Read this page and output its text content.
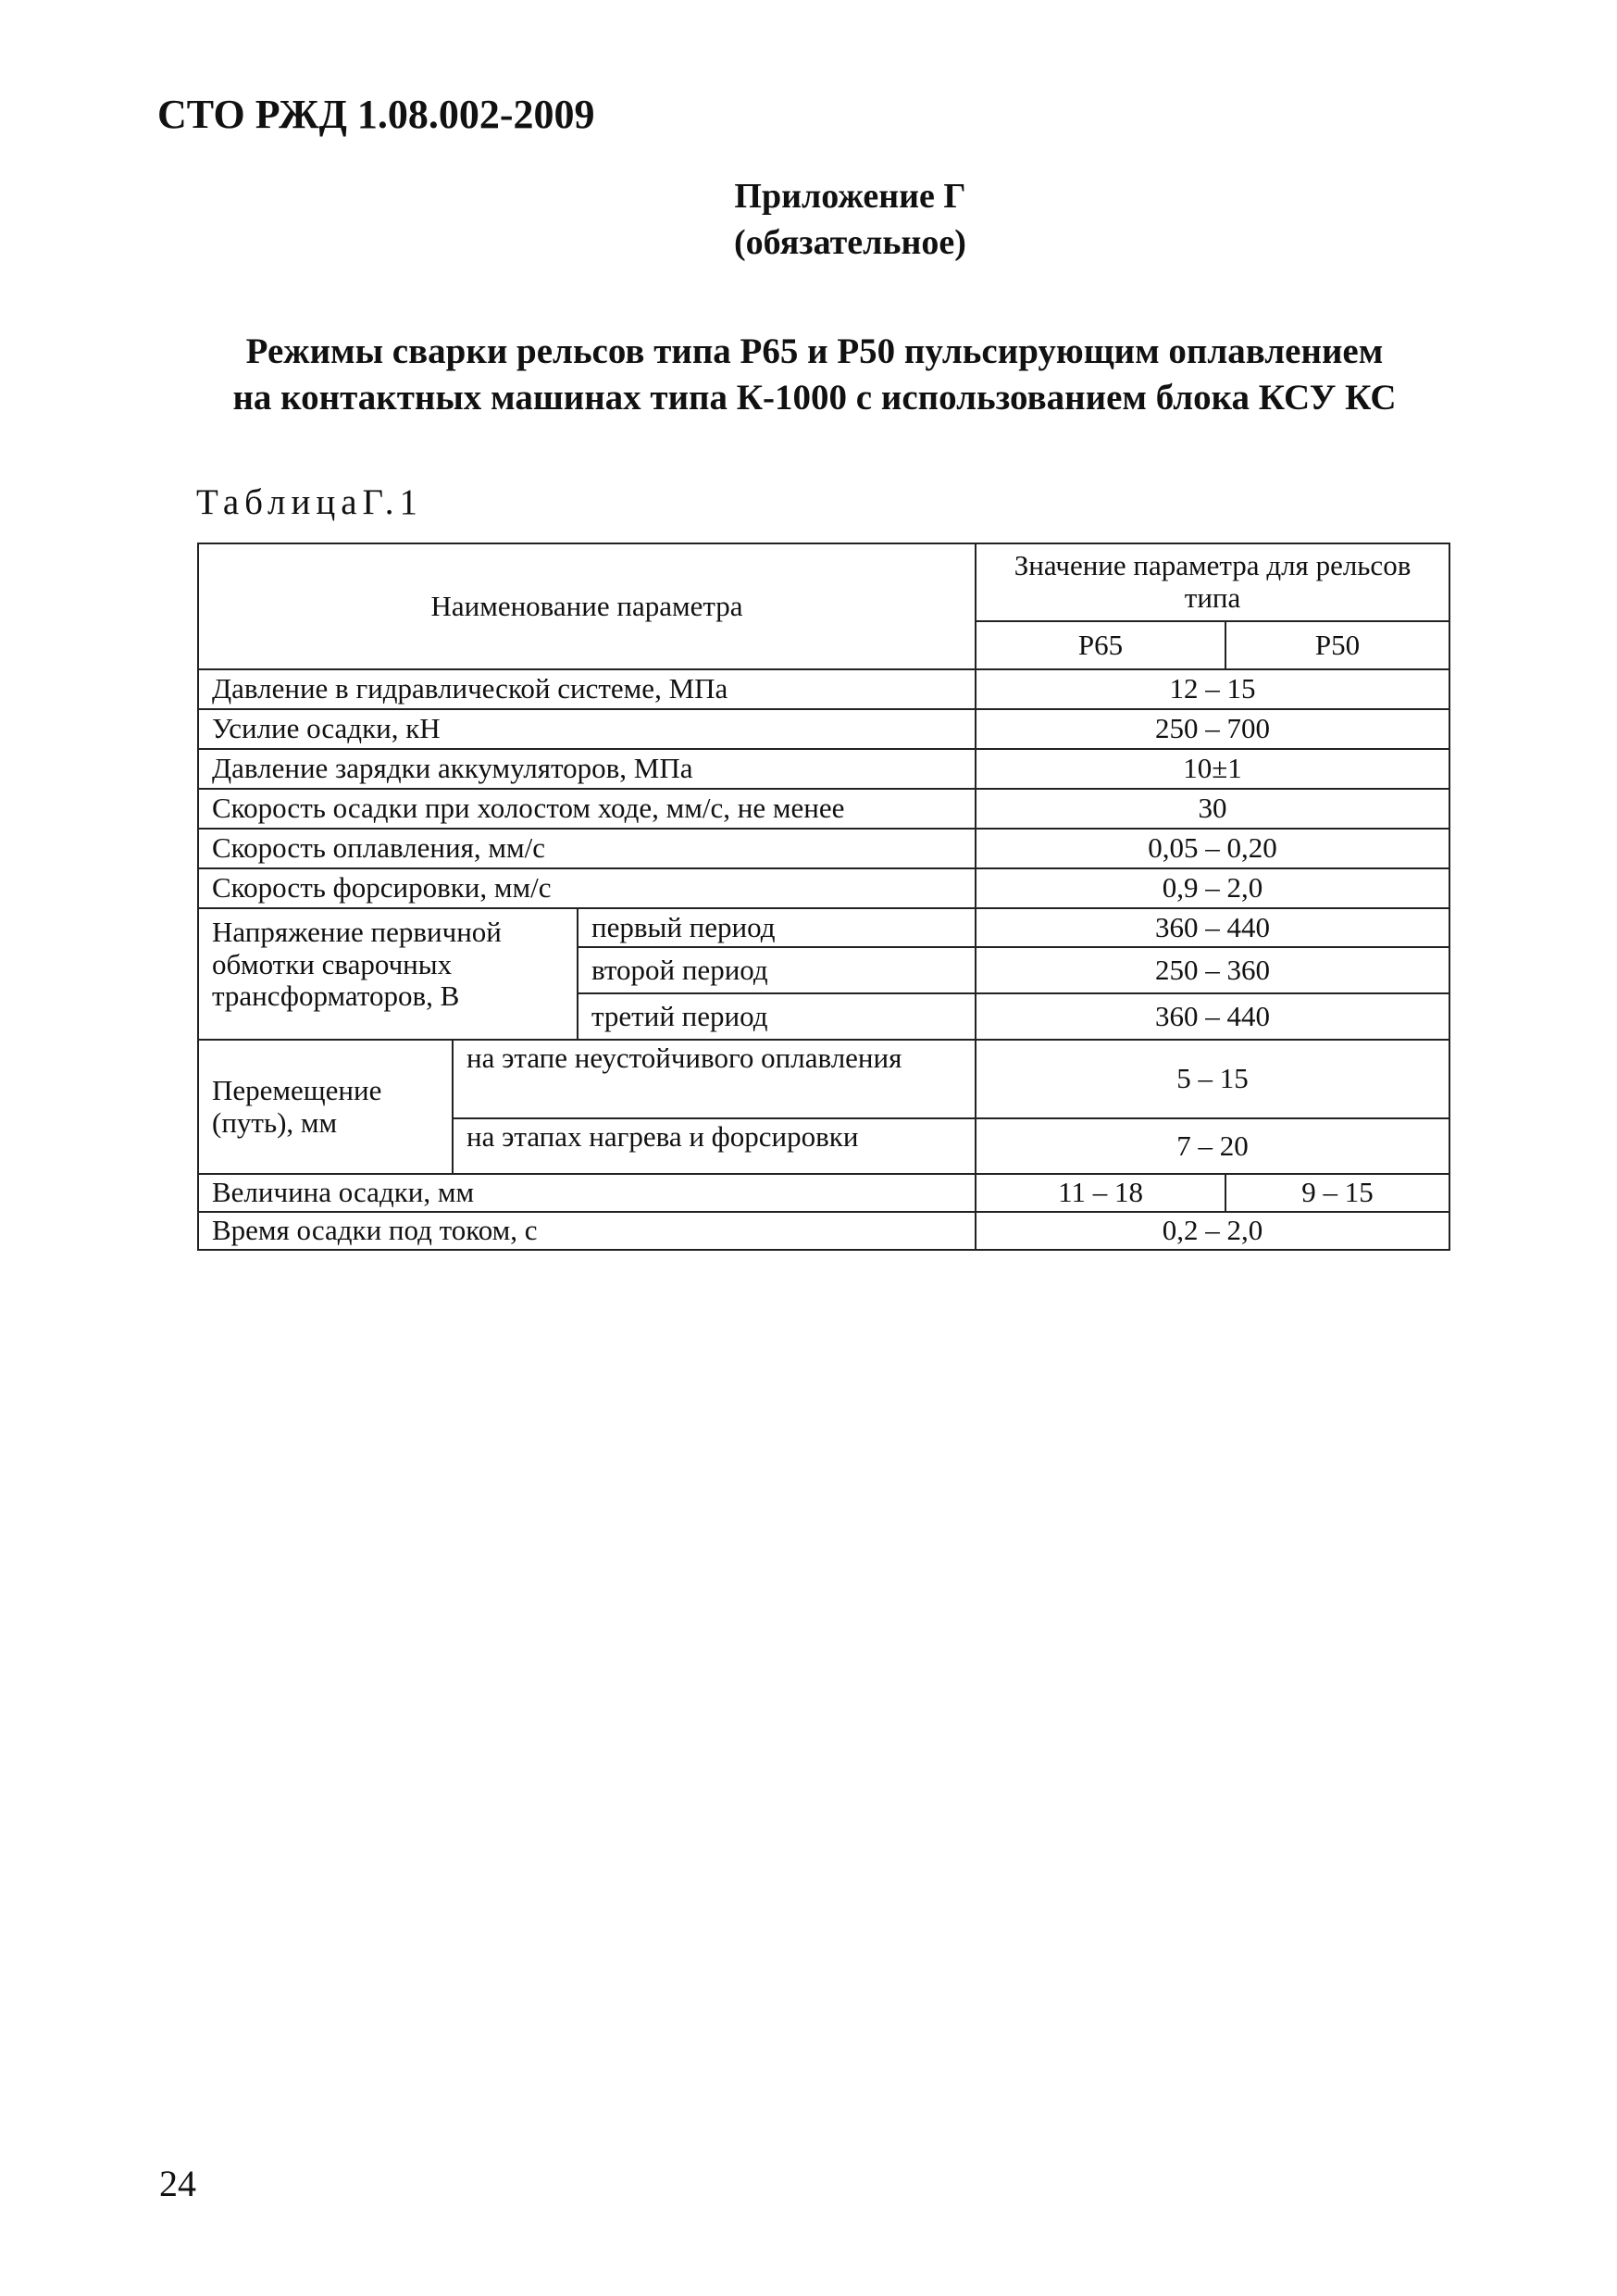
СТО РЖД 1.08.002-2009
Приложение Г
(обязательное)
Режимы сварки рельсов типа Р65 и Р50 пульсирующим оплавлением
на контактных машинах типа К-1000 с использованием блока КСУ КС
ТаблицаГ.1
Наименование параметра			Значение параметра для рельсов типа	
			Р65	Р50
Давление в гидравлической системе, МПа			12 – 15	
Усилие осадки, кН			250 – 700	
Давление зарядки аккумуляторов, МПа			10±1	
Скорость осадки при холостом ходе, мм/с, не менее			30	
Скорость оплавления, мм/с			0,05 – 0,20	
Скорость форсировки, мм/с			0,9 – 2,0	
Напряжение первичной обмотки сварочных трансформаторов, В		первый период	360 – 440	
		второй период	250 – 360	
		третий период	360 – 440	
Перемещение (путь), мм	на этапе неустойчивого оплавления		5 – 15	
	на этапах нагрева и форсировки		7 – 20	
Величина осадки, мм			11 – 18	9 – 15
Время осадки под током, с			0,2 – 2,0	
24
